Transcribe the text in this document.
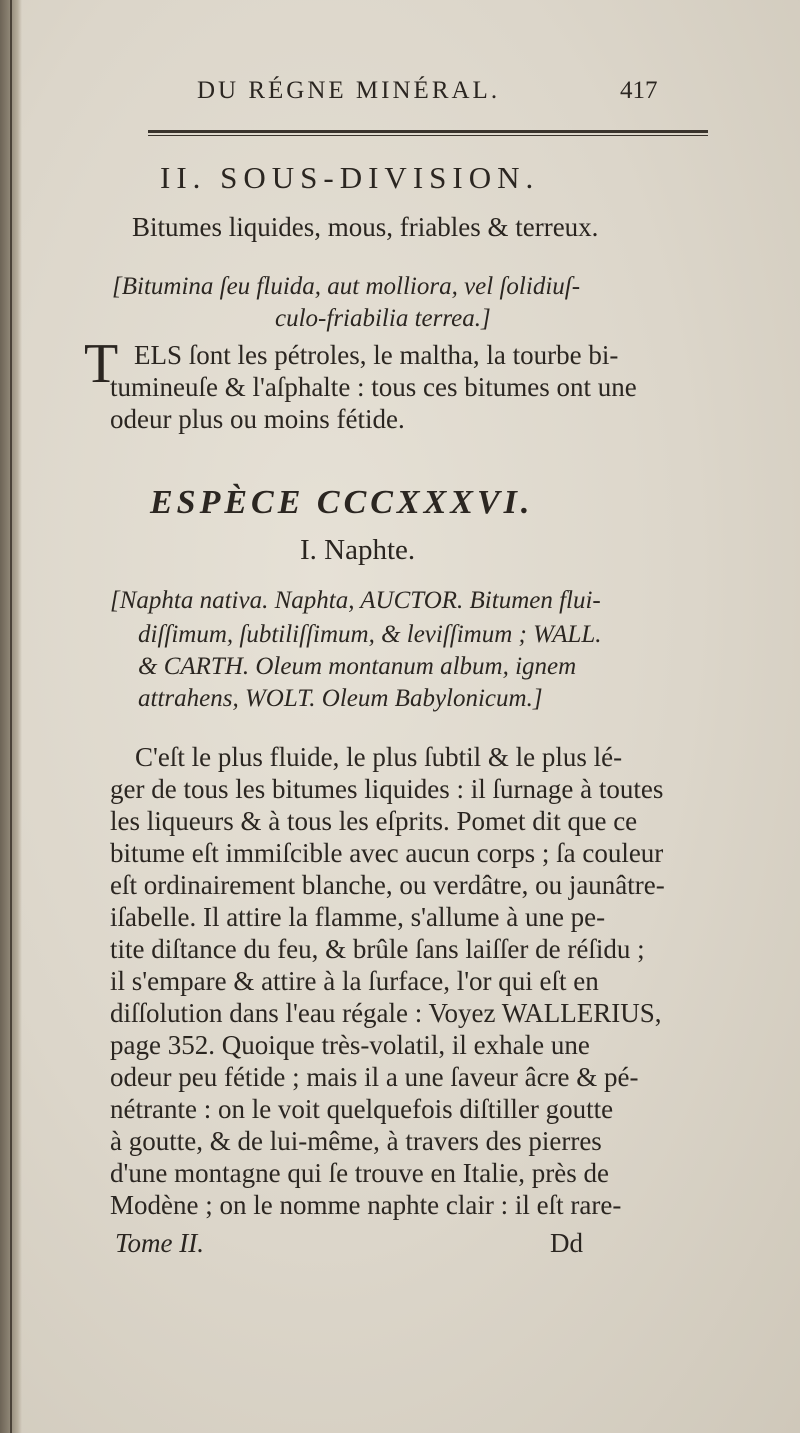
DU RÉGNE MINÉRAL.	417
II. SOUS-DIVISION.
Bitumes liquides, mous, friables & terreux.
[Bitumina ſeu fluida, aut molliora, vel ſolidiuſ-
culo-friabilia terrea.]
T ELS ſont les pétroles, le maltha, la tourbe bi-
tumineuſe & l'aſphalte : tous ces bitumes ont une
odeur plus ou moins fétide.
ESPÈCE CCCXXXVI.
I. Naphte.
[Naphta nativa. Naphta, AUCTOR. Bitumen flui-
diſſimum, ſubtiliſſimum, & leviſſimum ; WALL.
& CARTH. Oleum montanum album, ignem
attrahens, WOLT. Oleum Babylonicum.]
C'eſt le plus fluide, le plus ſubtil & le plus lé-
ger de tous les bitumes liquides : il ſurnage à toutes
les liqueurs & à tous les eſprits. Pomet dit que ce
bitume eſt immiſcible avec aucun corps ; ſa couleur
eſt ordinairement blanche, ou verdâtre, ou jaunâtre-
iſabelle. Il attire la flamme, s'allume à une pe-
tite diſtance du feu, & brûle ſans laiſſer de réſidu ;
il s'empare & attire à la ſurface, l'or qui eſt en
diſſolution dans l'eau régale : Voyez WALLERIUS,
page 352. Quoique très-volatil, il exhale une
odeur peu fétide ; mais il a une ſaveur âcre & pé-
nétrante : on le voit quelquefois diſtiller goutte
à goutte, & de lui-même, à travers des pierres
d'une montagne qui ſe trouve en Italie, près de
Modène ; on le nomme naphte clair : il eſt rare-
Tome II.	Dd
